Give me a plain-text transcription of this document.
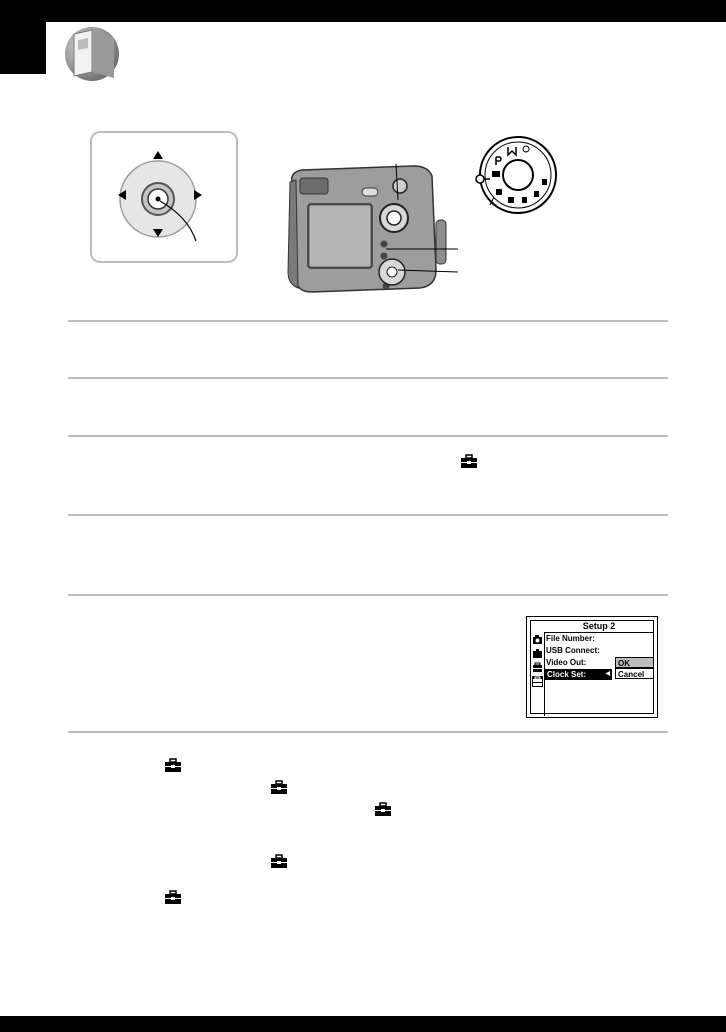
Setup 2
File Number:
USB Connect:
Video Out:
Clock Set:	◀
OK
Cancel
